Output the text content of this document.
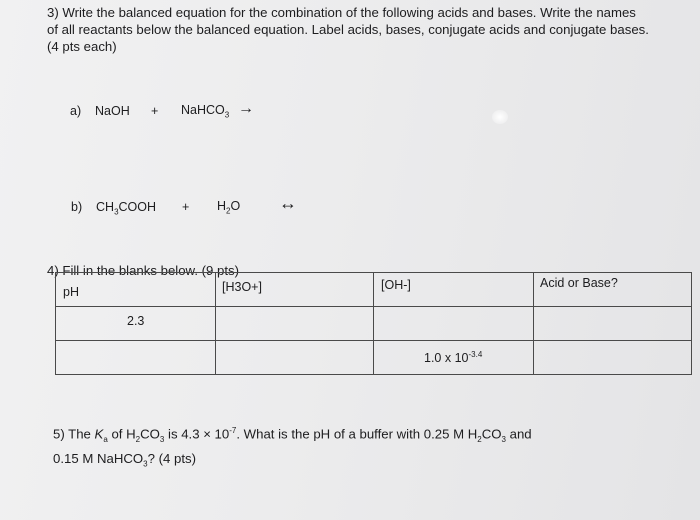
3) Write the balanced equation for the combination of the following acids and bases. Write the names
of all reactants below the balanced equation. Label acids, bases, conjugate acids and conjugate bases.
(4 pts each)
a) NaOH + NaHCO$_3$ →
b) $CH_3COOH + H_2O$ ↔
4) Fill in the blanks below. (9 pts)
pH	[H3O+]	[OH-]	Acid or Base?

2.3			

		1.0 x $10^{-3.4}$

5) The $K_a$ of $H_2CO_3$ is $4.3 \times 10^{-7}$. What is the pH of a buffer with 0.25 M $H_2CO_3$ and
0.15 M NaHCO$_3$? (4 pts)
